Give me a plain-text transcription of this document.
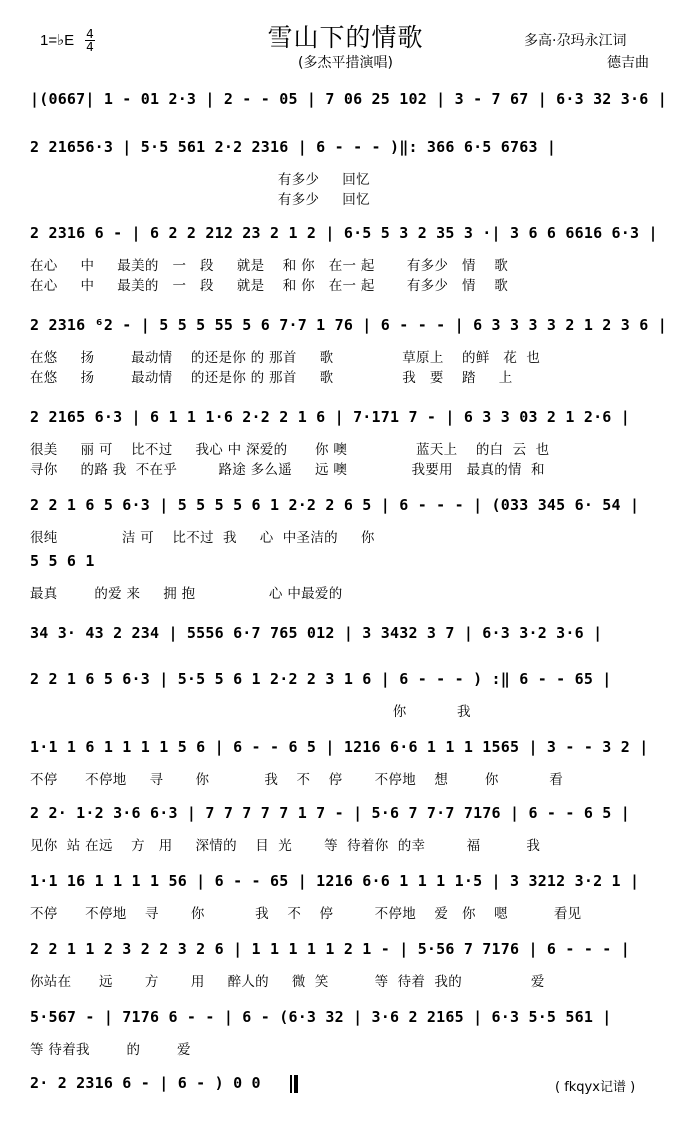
1=♭E $\frac{4}{4}$	雪山下的情歌
(多杰平措演唱)
多高·尕玛永江词
德吉曲
|(0667| 1 - 01 2·3 | 2 - - 05 | 7 06 25 102 | 3 - 7 67 | 6·3 32 3·6 |
2 21656·3 | 5·5 561 2·2 2316 | 6 - - - )‖: 366 6·5 6763 |
有多少     回忆
有多少     回忆
2 2316 6 - | 6 2 2 212 23 2 1 2 | 6·5 5 3 2 35 3 ·| 3 6 6 6616 6·3 |
在心     中     最美的   一   段     就是    和 你   在一 起       有多少   情    歌
在心     中     最美的   一   段     就是    和 你   在一 起       有多少   情    歌
2 2316 ⁶2 - | 5 5 5 55 5 6 7·7 1 76 | 6 - - - | 6 3 3 3 3 2 1 2 3 6 |
在悠     扬        最动情    的还是你 的 那首     歌               草原上    的鲜   花  也
在悠     扬        最动情    的还是你 的 那首     歌               我   要    踏     上
2 2165 6·3 | 6 1 1 1·6 2·2 2 1 6 | 7·171 7 - | 6 3 3 03 2 1 2·6 |
很美     丽 可    比不过     我心 中 深爱的      你 噢               蓝天上    的白  云  也
寻你     的路 我  不在乎         路途 多么遥     远 噢              我要用   最真的情  和
2 2 1 6 5 6·3 | 5 5 5 5 6 1 2·2 2 6 5 | 6 - - - | (033 345 6· 54 |
很纯              洁 可    比不过  我     心  中圣洁的     你
5 5 6 1
最真        的爱 来     拥 抱                心 中最爱的
34 3· 43 2 234 | 5556 6·7 765 012 | 3 3432 3 7 | 6·3 3·2 3·6 |
2 2 1 6 5 6·3 | 5·5 5 6 1 2·2 2 3 1 6 | 6 - - - ) :‖ 6 - - 65 |
你           我
1·1 1 6 1 1 1 1 5 6 | 6 - - 6 5 | 1216 6·6 1 1 1 1565 | 3 - - 3 2 |
不停      不停地     寻       你            我    不    停       不停地    想        你           看
2 2· 1·2 3·6 6·3 | 7 7 7 7 7 1 7 - | 5·6 7 7·7 7176 | 6 - - 6 5 |
见你  站 在远    方   用     深情的    目  光       等  待着你  的幸         福          我
1·1 16 1 1 1 1 56 | 6 - - 65 | 1216 6·6 1 1 1 1·5 | 3 3212 3·2 1 |
不停      不停地    寻       你           我    不    停         不停地    爱   你    嗯          看见
2 2 1 1 2 3 2 2 3 2 6 | 1 1 1 1 1 2 1 - | 5·56 7 7176 | 6 - - - |
你站在      远       方       用     醉人的     微  笑          等  待着  我的               爱
5·567 - | 7176 6 - - | 6 - (6·3 32 | 3·6 2 2165 | 6·3 5·5 561 |
等 待着我        的        爱
2· 2 2316 6 - | 6 - ) 0 0	( fkqyx记谱 )
